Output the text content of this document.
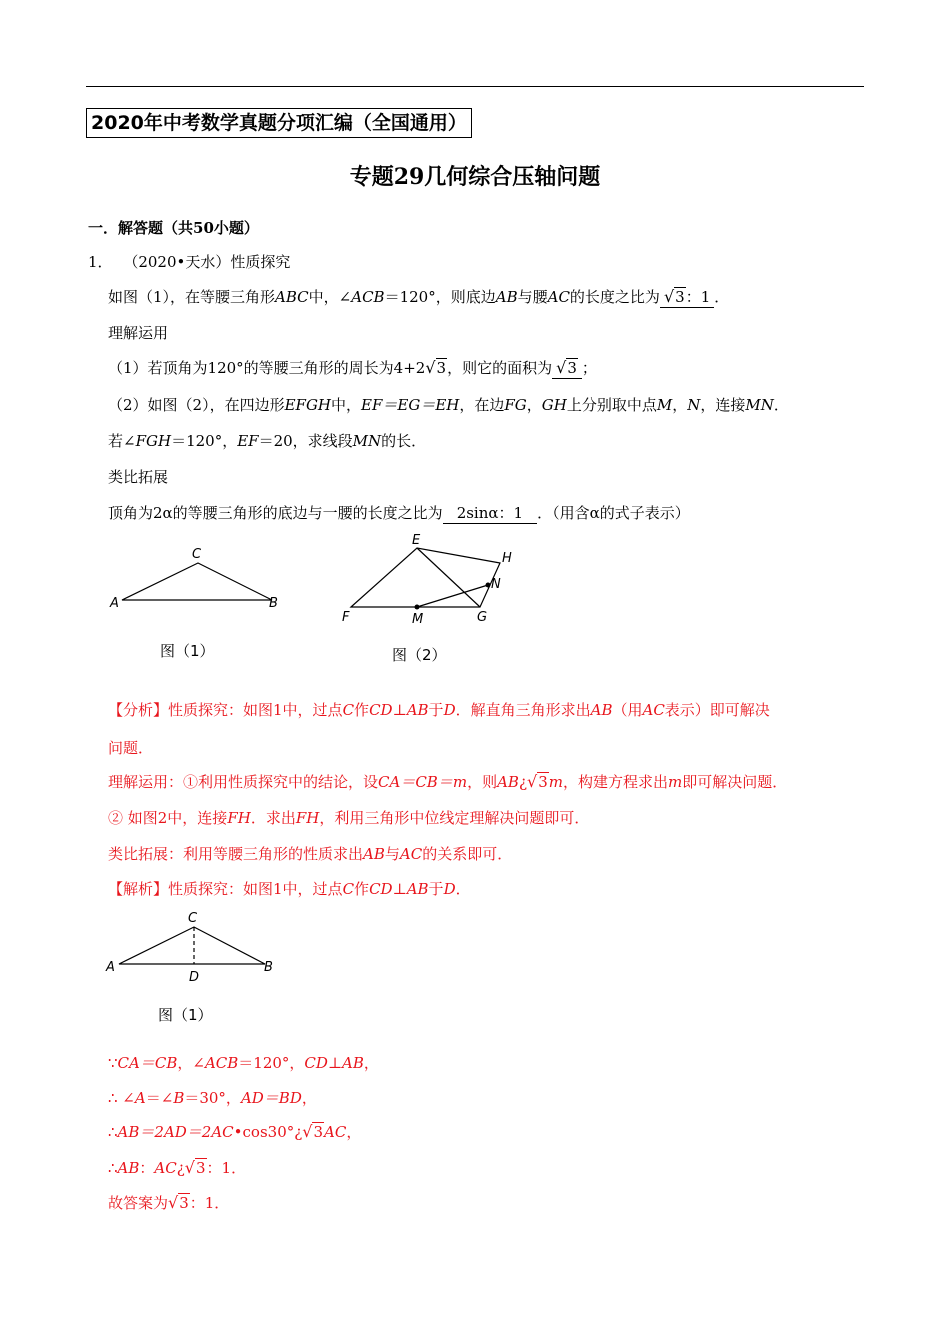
2020年中考数学真题分项汇编（全国通用）
专题29几何综合压轴问题
一．解答题（共50小题）
1． （2020•天水）性质探究
如图（1），在等腰三角形ABC中，∠ACB＝120°，则底边AB与腰AC的长度之比为 √3：1 ．
理解运用
（1）若顶角为120°的等腰三角形的周长为4+2√3，则它的面积为 √3 ；
（2）如图（2），在四边形EFGH中，EF＝EG＝EH，在边FG，GH上分别取中点M，N，连接MN．
若∠FGH＝120°，EF＝20，求线段MN的长．
类比拓展
顶角为2α的等腰三角形的底边与一腰的长度之比为 2sinα：1 ．（用含α的式子表示）
A
C
B
图（1）
E
F	M	G
N
H
图（2）
【分析】性质探究：如图1中，过点C作CD⊥AB于D．解直角三角形求出AB（用AC表示）即可解决
问题．
理解运用：①利用性质探究中的结论，设CA＝CB＝m，则AB¿√3m，构建方程求出m即可解决问题．
② 如图2中，连接FH．求出FH，利用三角形中位线定理解决问题即可．
类比拓展：利用等腰三角形的性质求出AB与AC的关系即可．
【解析】性质探究：如图1中，过点C作CD⊥AB于D．
A
C
D
B
图（1）
∵CA＝CB，∠ACB＝120°，CD⊥AB，
∴ ∠A＝∠B＝30°，AD＝BD，
∴AB＝2AD＝2AC•cos30°¿√3AC，
∴AB：AC¿√3：1．
故答案为√3：1．
